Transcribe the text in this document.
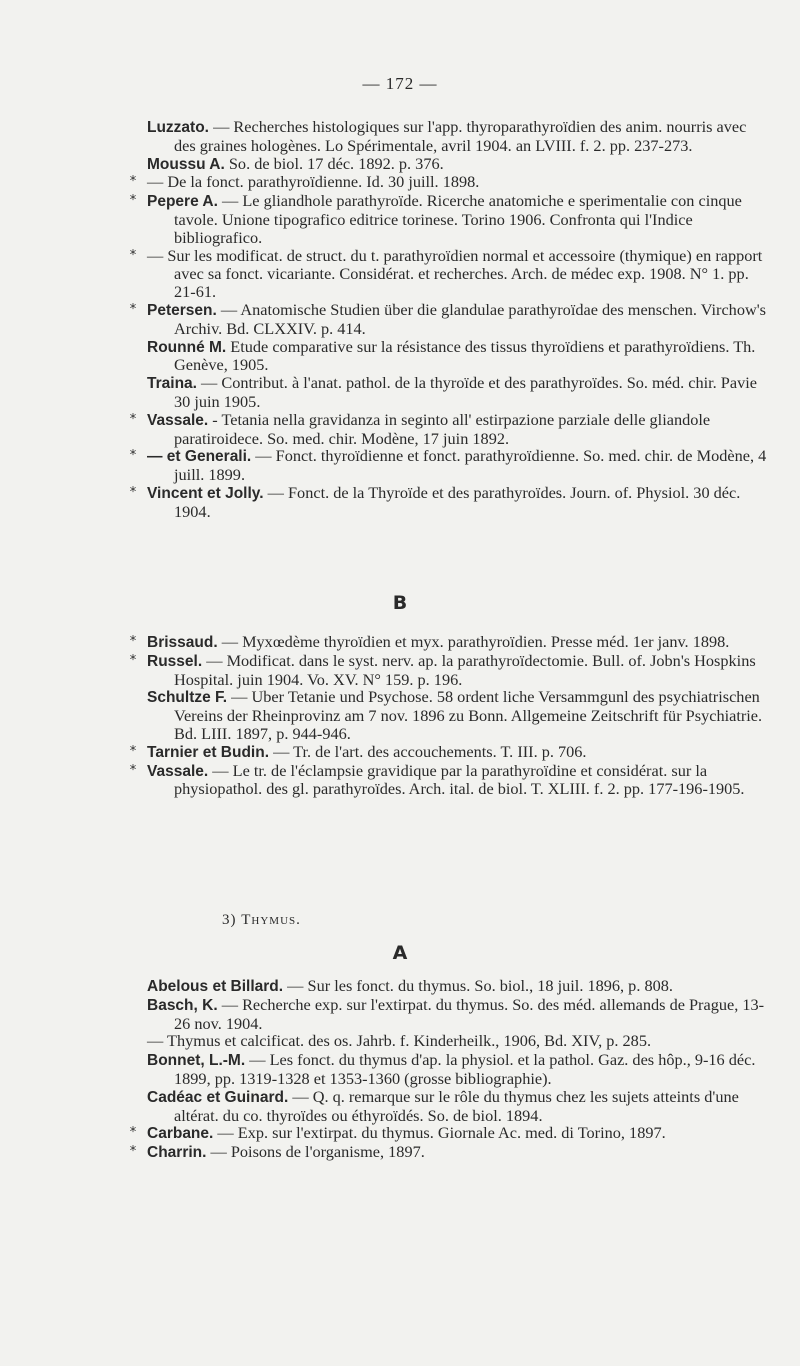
— 172 —

Luzzato. — Recherches histologiques sur l'app. thyroparathyroïdien des anim. nourris avec des graines hologènes. Lo Spérimentale, avril 1904. an LVIII. f. 2. pp. 237-273.

Moussu A. So. de biol. 17 déc. 1892. p. 376.

* — De la fonct. parathyroïdienne. Id. 30 juill. 1898.

* Pepere A. — Le gliandhole parathyroïde. Ricerche anatomiche e sperimentalie con cinque tavole. Unione tipografico editrice torinese. Torino 1906. Confronta qui l'Indice bibliografico.

* — Sur les modificat. de struct. du t. parathyroïdien normal et accessoire (thymique) en rapport avec sa fonct. vicariante. Considérat. et recherches. Arch. de médec exp. 1908. N° 1. pp. 21-61.

* Petersen. — Anatomische Studien über die glandulae parathyroïdae des menschen. Virchow's Archiv. Bd. CLXXIV. p. 414.

Rounné M. Etude comparative sur la résistance des tissus thyroïdiens et parathyroïdiens. Th. Genève, 1905.

Traina. — Contribut. à l'anat. pathol. de la thyroïde et des parathyroïdes. So. méd. chir. Pavie 30 juin 1905.

* Vassale. - Tetania nella gravidanza in seginto all' estirpazione parziale delle gliandole paratiroidece. So. med. chir. Modène, 17 juin 1892.

* — et Generali. — Fonct. thyroïdienne et fonct. parathyroïdienne. So. med. chir. de Modène, 4 juill. 1899.

* Vincent et Jolly. — Fonct. de la Thyroïde et des parathyroïdes. Journ. of. Physiol. 30 déc. 1904.

B

* Brissaud. — Myxœdème thyroïdien et myx. parathyroïdien. Presse méd. 1er janv. 1898.

* Russel. — Modificat. dans le syst. nerv. ap. la parathyroïdectomie. Bull. of. Jobn's Hospkins Hospital. juin 1904. Vo. XV. N° 159. p. 196.

Schultze F. — Uber Tetanie und Psychose. 58 ordent liche Versammgunl des psychiatrischen Vereins der Rheinprovinz am 7 nov. 1896 zu Bonn. Allgemeine Zeitschrift für Psychiatrie. Bd. LIII. 1897, p. 944-946.

* Tarnier et Budin. — Tr. de l'art. des accouchements. T. III. p. 706.

* Vassale. — Le tr. de l'éclampsie gravidique par la parathyroïdine et considérat. sur la physiopathol. des gl. parathyroïdes. Arch. ital. de biol. T. XLIII. f. 2. pp. 177-196-1905.

3) Thymus.
A

Abelous et Billard. — Sur les fonct. du thymus. So. biol., 18 juil. 1896, p. 808.

Basch, K. — Recherche exp. sur l'extirpat. du thymus. So. des méd. allemands de Prague, 13-26 nov. 1904.

— Thymus et calcificat. des os. Jahrb. f. Kinderheilk., 1906, Bd. XIV, p. 285.

Bonnet, L.-M. — Les fonct. du thymus d'ap. la physiol. et la pathol. Gaz. des hôp., 9-16 déc. 1899, pp. 1319-1328 et 1353-1360 (grosse bibliographie).

Cadéac et Guinard. — Q. q. remarque sur le rôle du thymus chez les sujets atteints d'une altérat. du co. thyroïdes ou éthyroïdés. So. de biol. 1894.

* Carbane. — Exp. sur l'extirpat. du thymus. Giornale Ac. med. di Torino, 1897.

* Charrin. — Poisons de l'organisme, 1897.
